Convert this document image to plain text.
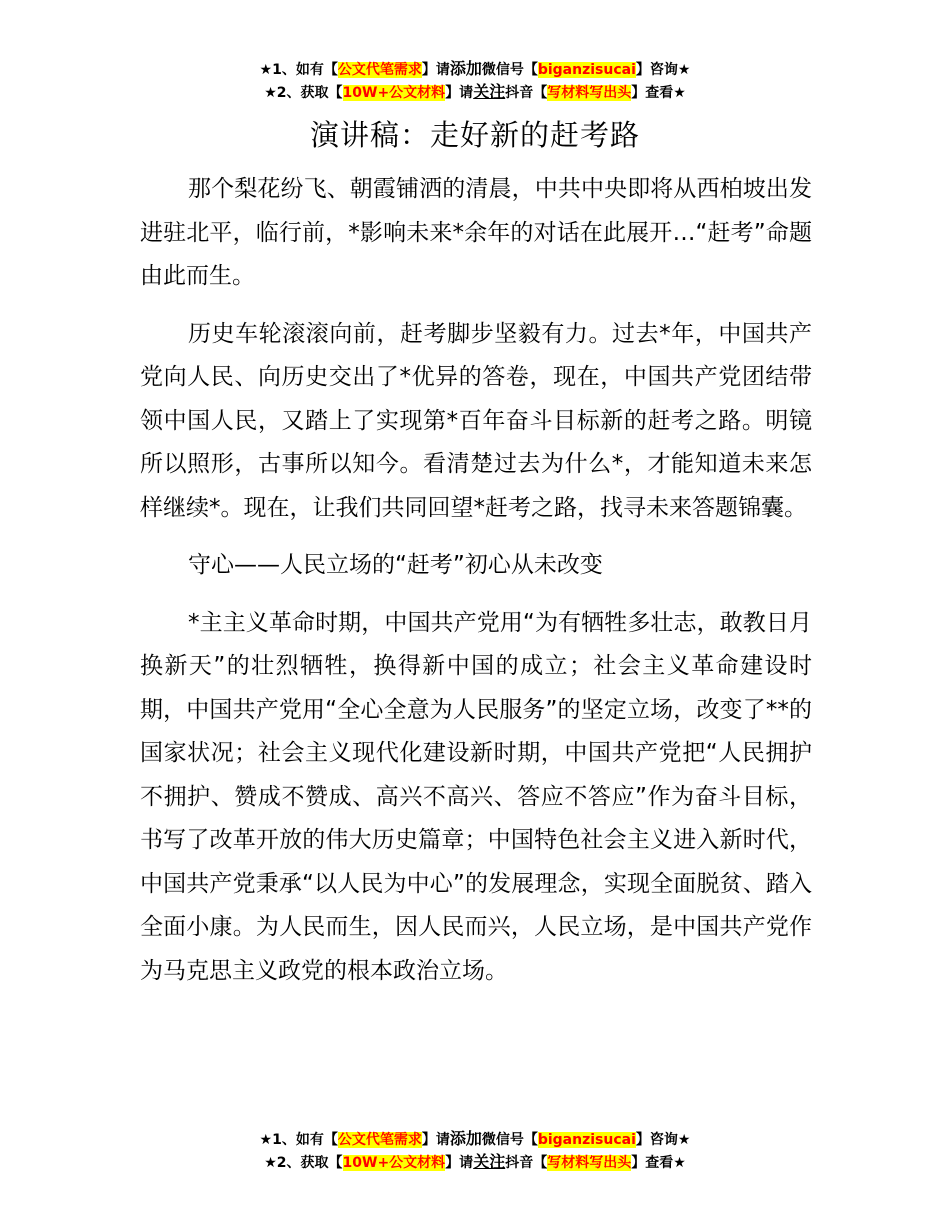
★1、如有【公文代笔需求】请添加微信号【biganzisucai】咨询★
★2、获取【10W+公文材料】请关注抖音【写材料写出头】查看★
演讲稿：走好新的赶考路

那个梨花纷飞、朝霞铺洒的清晨，中共中央即将从西柏坡出发进驻北平，临行前，*影响未来*余年的对话在此展开…“赶考”命题由此而生。

历史车轮滚滚向前，赶考脚步坚毅有力。过去*年，中国共产党向人民、向历史交出了*优异的答卷，现在，中国共产党团结带领中国人民，又踏上了实现第*百年奋斗目标新的赶考之路。明镜所以照形，古事所以知今。看清楚过去为什么*，才能知道未来怎样继续*。现在，让我们共同回望*赶考之路，找寻未来答题锦囊。

守心——人民立场的“赶考”初心从未改变

*主主义革命时期，中国共产党用“为有牺牲多壮志，敢教日月换新天”的壮烈牺牲，换得新中国的成立；社会主义革命建设时期，中国共产党用“全心全意为人民服务”的坚定立场，改变了**的国家状况；社会主义现代化建设新时期，中国共产党把“人民拥护不拥护、赞成不赞成、高兴不高兴、答应不答应”作为奋斗目标，书写了改革开放的伟大历史篇章；中国特色社会主义进入新时代，中国共产党秉承“以人民为中心”的发展理念，实现全面脱贫、踏入全面小康。为人民而生，因人民而兴，人民立场，是中国共产党作为马克思主义政党的根本政治立场。

★1、如有【公文代笔需求】请添加微信号【biganzisucai】咨询★
★2、获取【10W+公文材料】请关注抖音【写材料写出头】查看★
